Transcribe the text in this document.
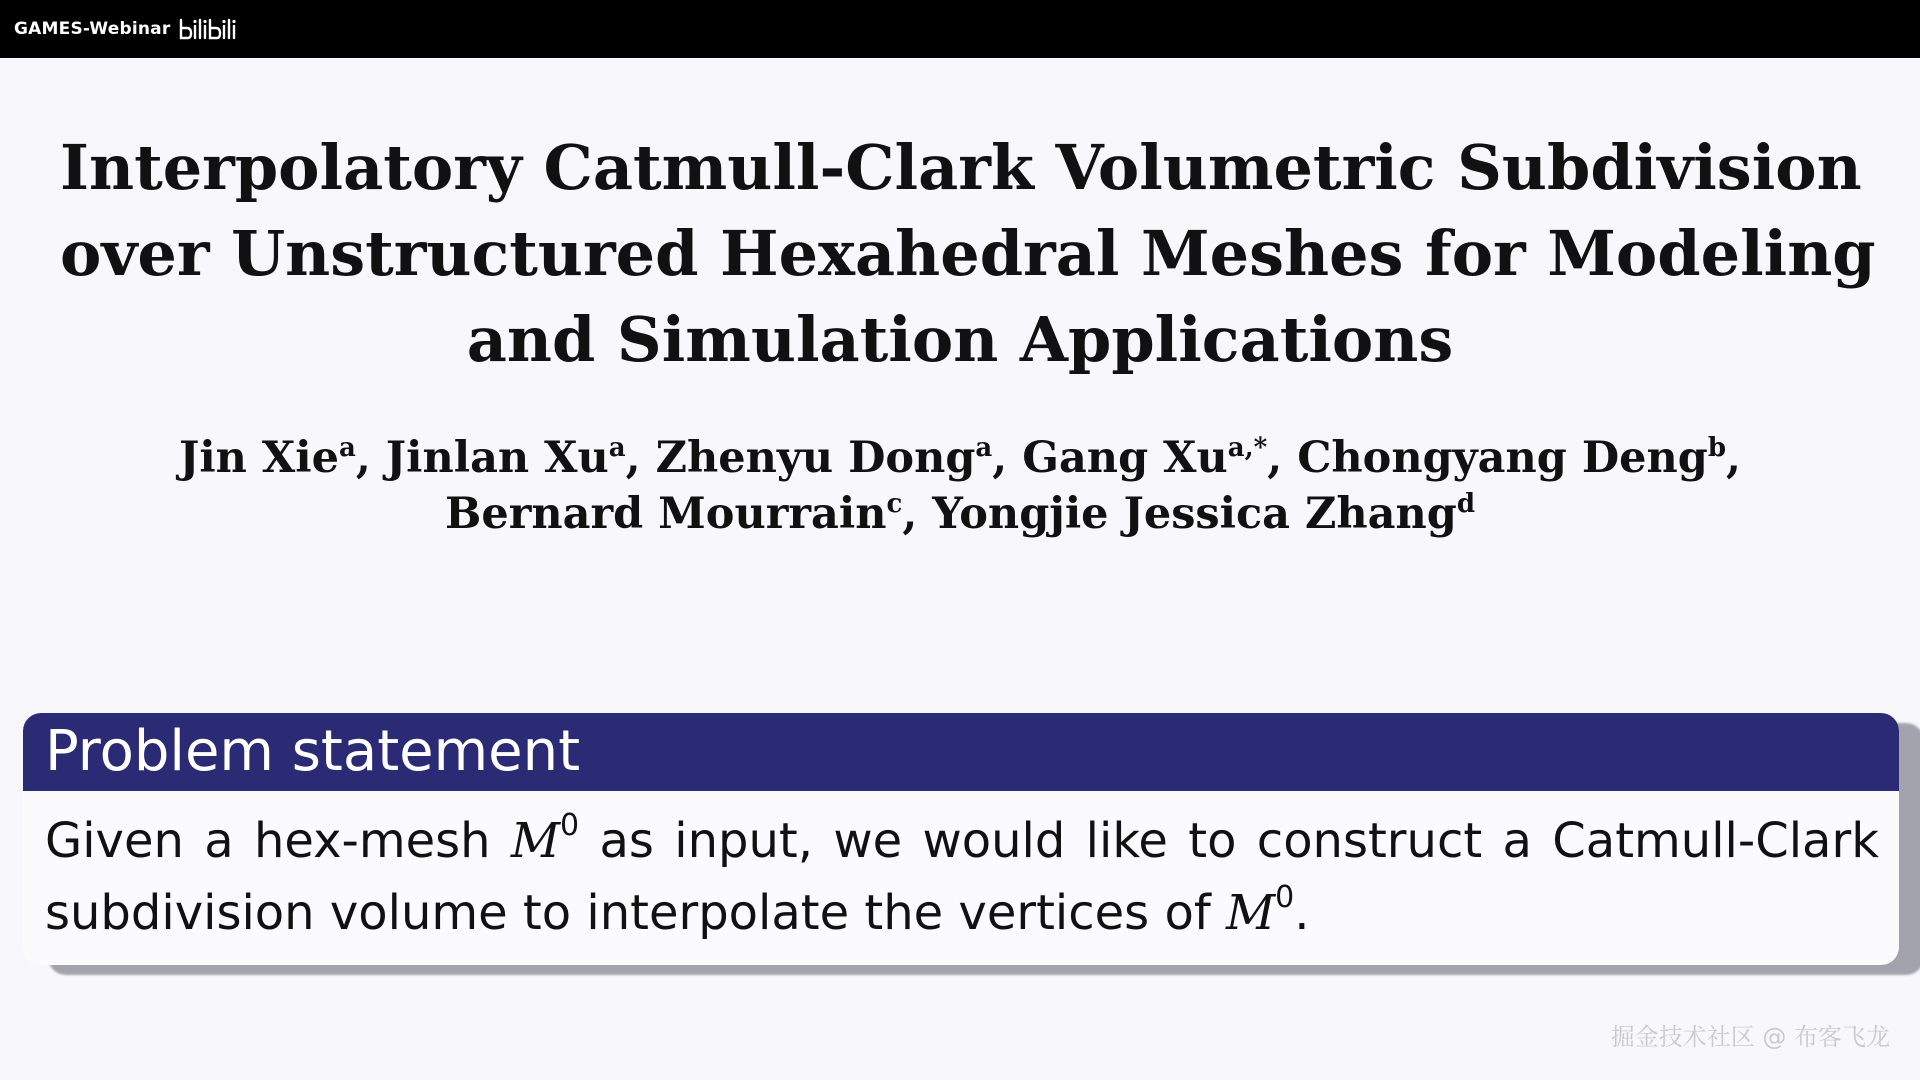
GAMES-Webinar
Interpolatory Catmull-Clark Volumetric Subdivision
over Unstructured Hexahedral Meshes for Modeling
and Simulation Applications
Jin Xie$^a$, Jinlan Xu$^a$, Zhenyu Dong$^a$, Gang $Xu^{a,*}$, Chongyang Deng$^b$,
Bernard Mourrain$^c$, Yongjie Jessica Zhang$^d$
Problem statement
Given a hex-mesh $M^0$ as input, we would like to construct a Catmull-Clark subdivision volume to interpolate the vertices of $M^0$.
掘金技术社区 @ 布客飞龙
